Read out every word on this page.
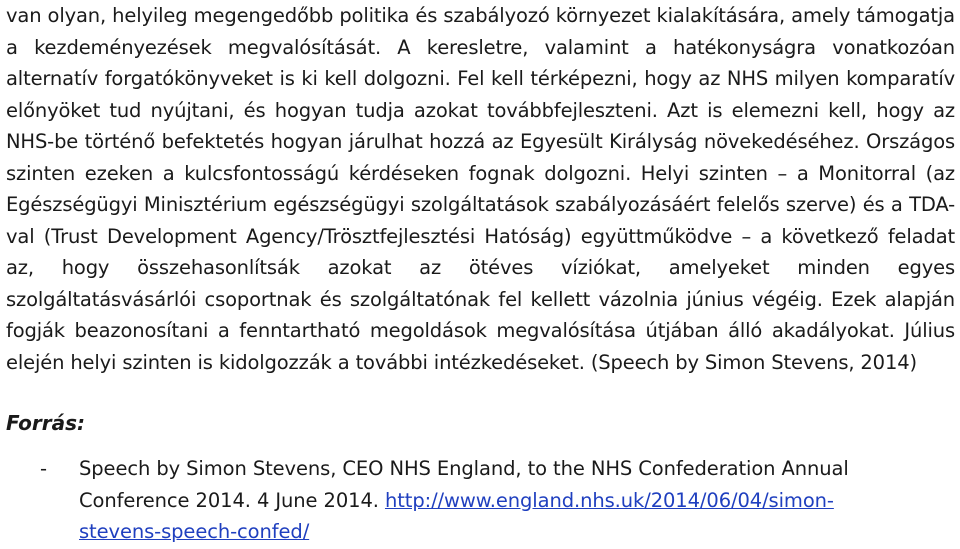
van olyan, helyileg megengedőbb politika és szabályozó környezet kialakítására, amely támogatja a kezdeményezések megvalósítását. A keresletre, valamint a hatékonyságra vonatkozóan alternatív forgatókönyveket is ki kell dolgozni. Fel kell térképezni, hogy az NHS milyen komparatív előnyöket tud nyújtani, és hogyan tudja azokat továbbfejleszteni. Azt is elemezni kell, hogy az NHS-be történő befektetés hogyan járulhat hozzá az Egyesült Királyság növekedéséhez. Országos szinten ezeken a kulcsfontosságú kérdéseken fognak dolgozni. Helyi szinten – a Monitorral (az Egészségügyi Minisztérium egészségügyi szolgáltatások szabályozásáért felelős szerve) és a TDA-val (Trust Development Agency/Trösztfejlesztési Hatóság) együttműködve – a következő feladat az, hogy összehasonlítsák azokat az ötéves víziókat, amelyeket minden egyes szolgáltatásvásárlói csoportnak és szolgáltatónak fel kellett vázolnia június végéig. Ezek alapján fogják beazonosítani a fenntartható megoldások megvalósítása útjában álló akadályokat. Július elején helyi szinten is kidolgozzák a további intézkedéseket. (Speech by Simon Stevens, 2014)

Forrás:
- Speech by Simon Stevens, CEO NHS England, to the NHS Confederation Annual Conference 2014. 4 June 2014. http://www.england.nhs.uk/2014/06/04/simon-
stevens-speech-confed/
